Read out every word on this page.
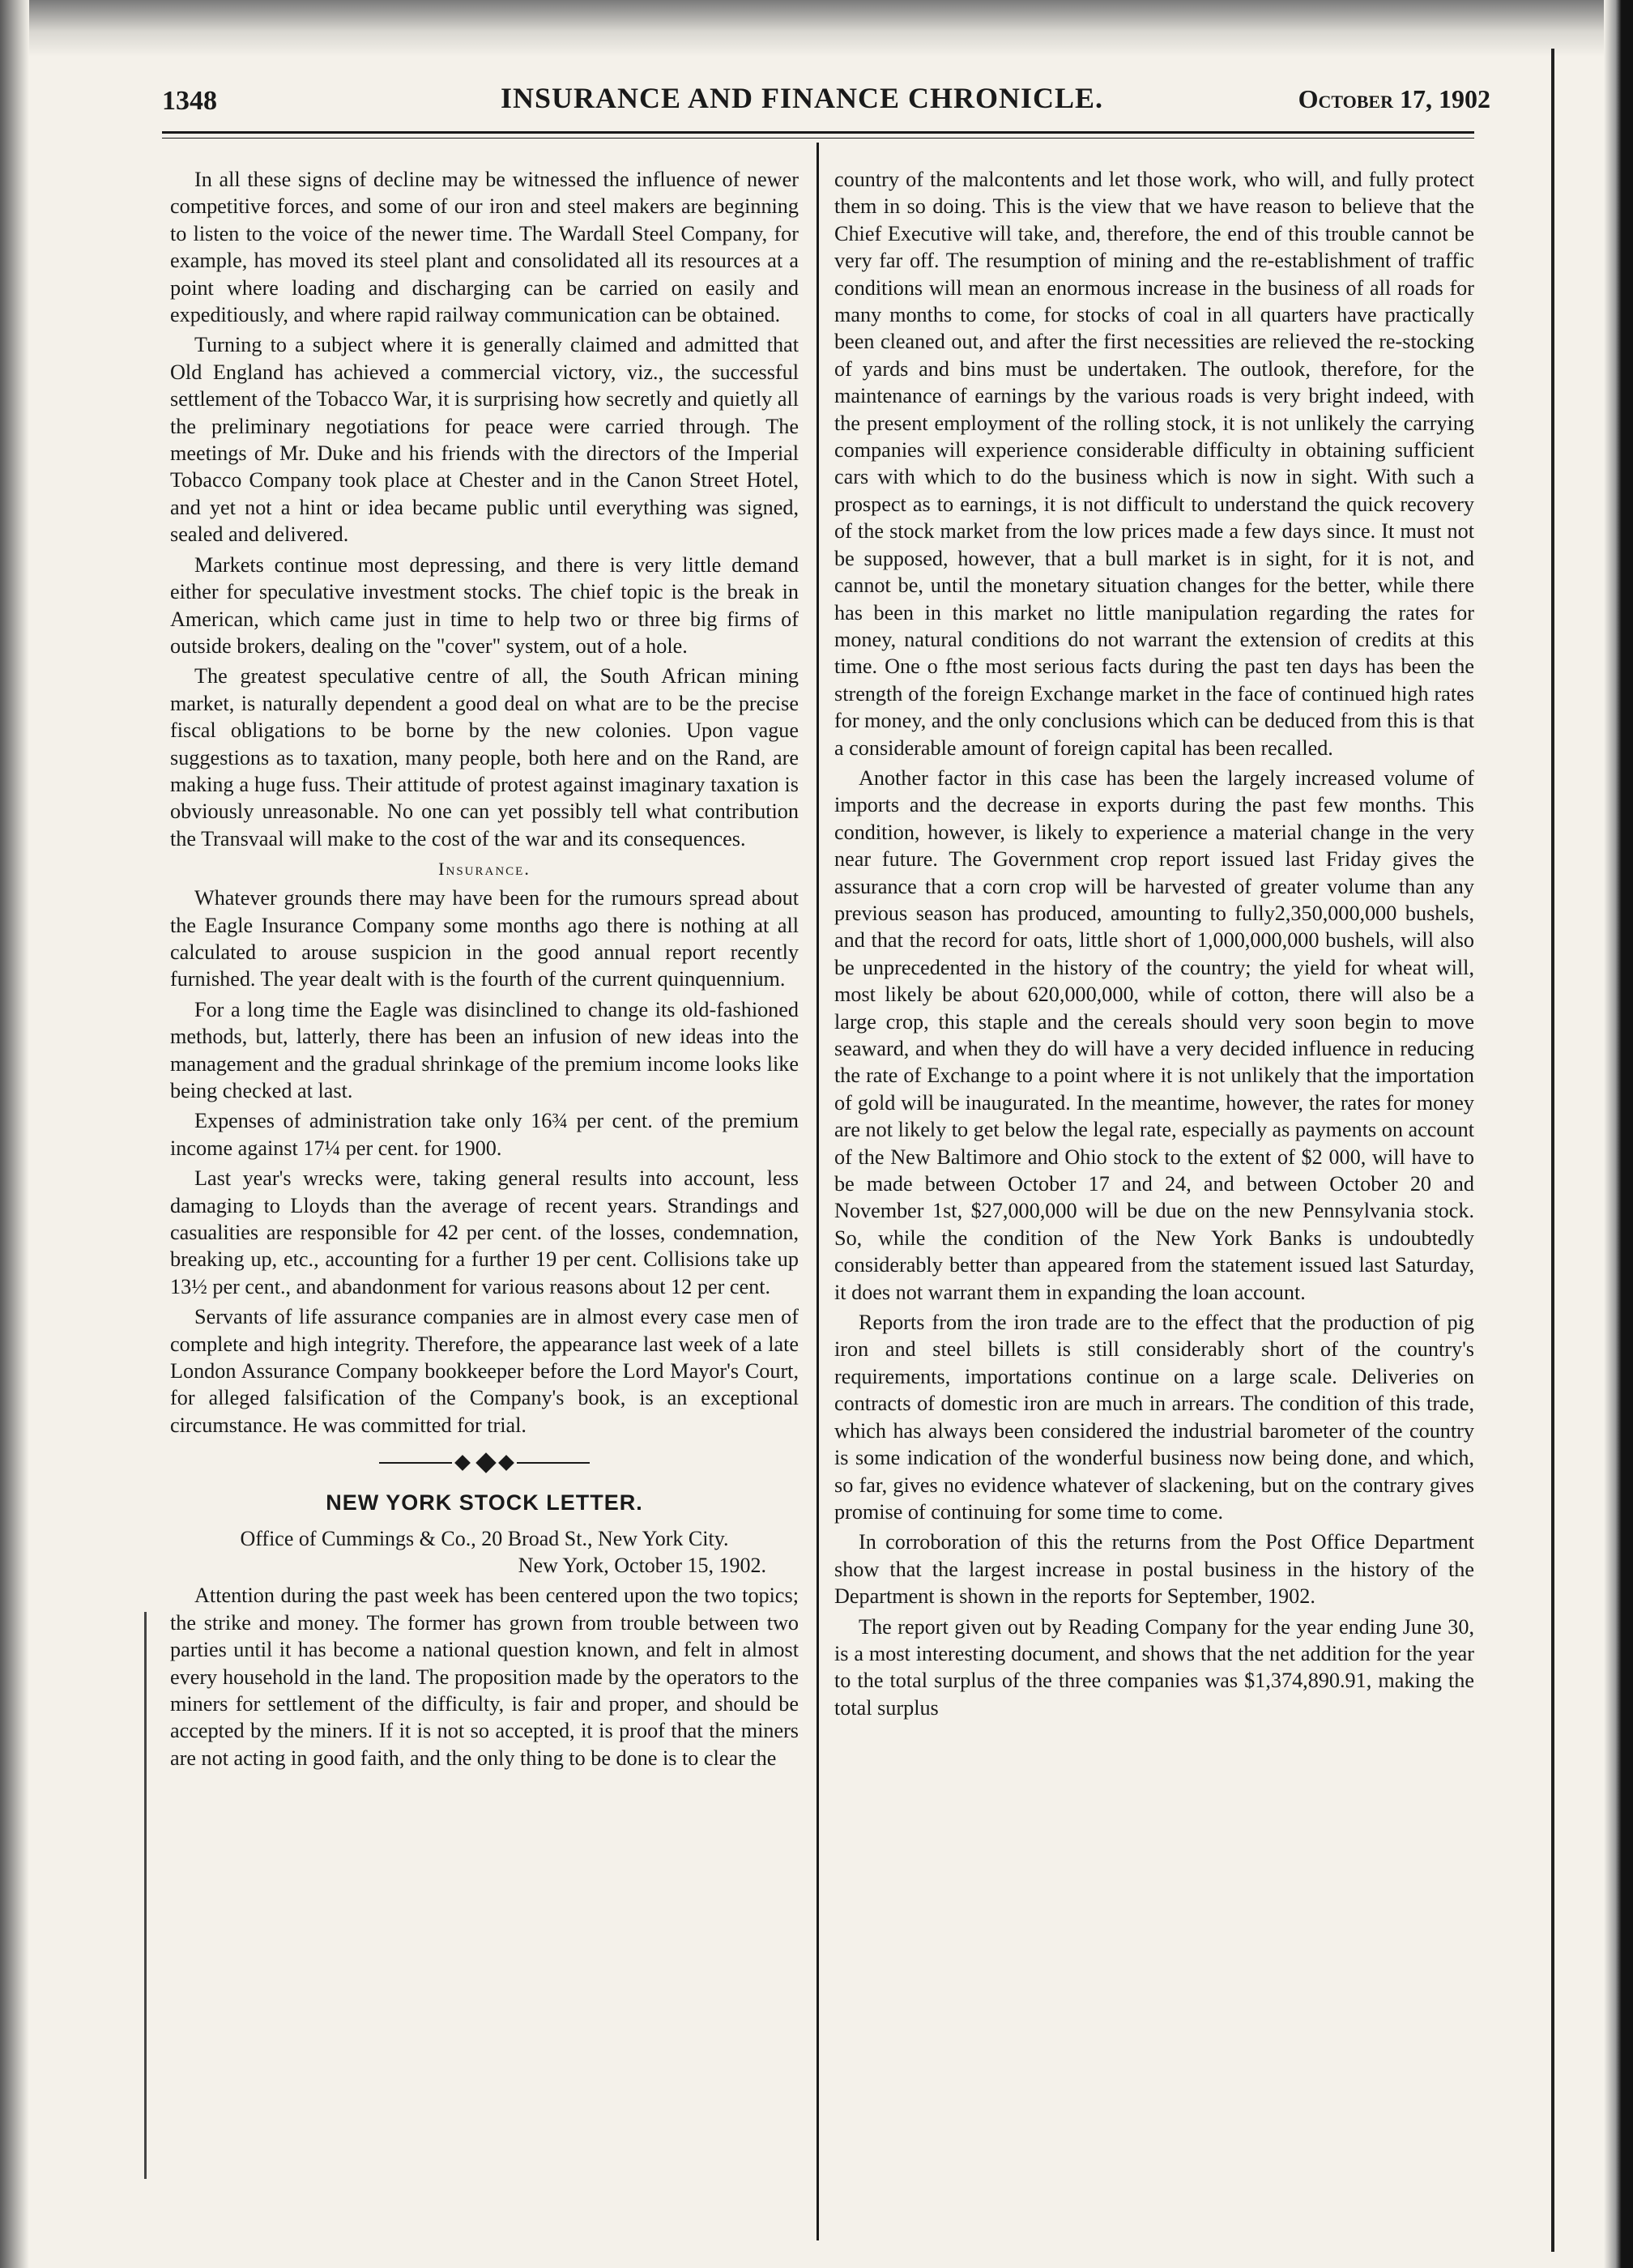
1348	INSURANCE AND FINANCE CHRONICLE.	October 17, 1902

In all these signs of decline may be witnessed the influence of newer competitive forces, and some of our iron and steel makers are beginning to listen to the voice of the newer time. The Wardall Steel Company, for example, has moved its steel plant and consolidated all its resources at a point where loading and discharging can be carried on easily and expeditiously, and where rapid railway communication can be obtained.

Turning to a subject where it is generally claimed and admitted that Old England has achieved a commercial victory, viz., the successful settlement of the Tobacco War, it is surprising how secretly and quietly all the preliminary negotiations for peace were carried through. The meetings of Mr. Duke and his friends with the directors of the Imperial Tobacco Company took place at Chester and in the Canon Street Hotel, and yet not a hint or idea became public until everything was signed, sealed and delivered.

Markets continue most depressing, and there is very little demand either for speculative investment stocks. The chief topic is the break in American, which came just in time to help two or three big firms of outside brokers, dealing on the "cover" system, out of a hole.

The greatest speculative centre of all, the South African mining market, is naturally dependent a good deal on what are to be the precise fiscal obligations to be borne by the new colonies. Upon vague suggestions as to taxation, many people, both here and on the Rand, are making a huge fuss. Their attitude of protest against imaginary taxation is obviously unreasonable. No one can yet possibly tell what contribution the Transvaal will make to the cost of the war and its consequences.

Insurance.

Whatever grounds there may have been for the rumours spread about the Eagle Insurance Company some months ago there is nothing at all calculated to arouse suspicion in the good annual report recently furnished. The year dealt with is the fourth of the current quinquennium.

For a long time the Eagle was disinclined to change its old-fashioned methods, but, latterly, there has been an infusion of new ideas into the management and the gradual shrinkage of the premium income looks like being checked at last.

Expenses of administration take only 16¾ per cent. of the premium income against 17¼ per cent. for 1900.

Last year's wrecks were, taking general results into account, less damaging to Lloyds than the average of recent years. Strandings and casualities are responsible for 42 per cent. of the losses, condemnation, breaking up, etc., accounting for a further 19 per cent. Collisions take up 13½ per cent., and abandonment for various reasons about 12 per cent.

Servants of life assurance companies are in almost every case men of complete and high integrity. Therefore, the appearance last week of a late London Assurance Company bookkeeper before the Lord Mayor's Court, for alleged falsification of the Company's book, is an exceptional circumstance. He was committed for trial.

NEW YORK STOCK LETTER.

Office of Cummings & Co., 20 Broad St., New York City.

New York, October 15, 1902.

Attention during the past week has been centered upon the two topics; the strike and money. The former has grown from trouble between two parties until it has become a national question known, and felt in almost every household in the land. The proposition made by the operators to the miners for settlement of the difficulty, is fair and proper, and should be accepted by the miners. If it is not so accepted, it is proof that the miners are not acting in good faith, and the only thing to be done is to clear the

country of the malcontents and let those work, who will, and fully protect them in so doing. This is the view that we have reason to believe that the Chief Executive will take, and, therefore, the end of this trouble cannot be very far off. The resumption of mining and the re-establishment of traffic conditions will mean an enormous increase in the business of all roads for many months to come, for stocks of coal in all quarters have practically been cleaned out, and after the first necessities are relieved the re-stocking of yards and bins must be undertaken. The outlook, therefore, for the maintenance of earnings by the various roads is very bright indeed, with the present employment of the rolling stock, it is not unlikely the carrying companies will experience considerable difficulty in obtaining sufficient cars with which to do the business which is now in sight. With such a prospect as to earnings, it is not difficult to understand the quick recovery of the stock market from the low prices made a few days since. It must not be supposed, however, that a bull market is in sight, for it is not, and cannot be, until the monetary situation changes for the better, while there has been in this market no little manipulation regarding the rates for money, natural conditions do not warrant the extension of credits at this time. One o fthe most serious facts during the past ten days has been the strength of the foreign Exchange market in the face of continued high rates for money, and the only conclusions which can be deduced from this is that a considerable amount of foreign capital has been recalled.

Another factor in this case has been the largely increased volume of imports and the decrease in exports during the past few months. This condition, however, is likely to experience a material change in the very near future. The Government crop report issued last Friday gives the assurance that a corn crop will be harvested of greater volume than any previous season has produced, amounting to fully2,350,000,000 bushels, and that the record for oats, little short of 1,000,000,000 bushels, will also be unprecedented in the history of the country; the yield for wheat will, most likely be about 620,000,000, while of cotton, there will also be a large crop, this staple and the cereals should very soon begin to move seaward, and when they do will have a very decided influence in reducing the rate of Exchange to a point where it is not unlikely that the importation of gold will be inaugurated. In the meantime, however, the rates for money are not likely to get below the legal rate, especially as payments on account of the New Baltimore and Ohio stock to the extent of $2 000, will have to be made between October 17 and 24, and between October 20 and November 1st, $27,000,000 will be due on the new Pennsylvania stock. So, while the condition of the New York Banks is undoubtedly considerably better than appeared from the statement issued last Saturday, it does not warrant them in expanding the loan account.

Reports from the iron trade are to the effect that the production of pig iron and steel billets is still considerably short of the country's requirements, importations continue on a large scale. Deliveries on contracts of domestic iron are much in arrears. The condition of this trade, which has always been considered the industrial barometer of the country is some indication of the wonderful business now being done, and which, so far, gives no evidence whatever of slackening, but on the contrary gives promise of continuing for some time to come.

In corroboration of this the returns from the Post Office Department show that the largest increase in postal business in the history of the Department is shown in the reports for September, 1902.

The report given out by Reading Company for the year ending June 30, is a most interesting document, and shows that the net addition for the year to the total surplus of the three companies was $1,374,890.91, making the total surplus
